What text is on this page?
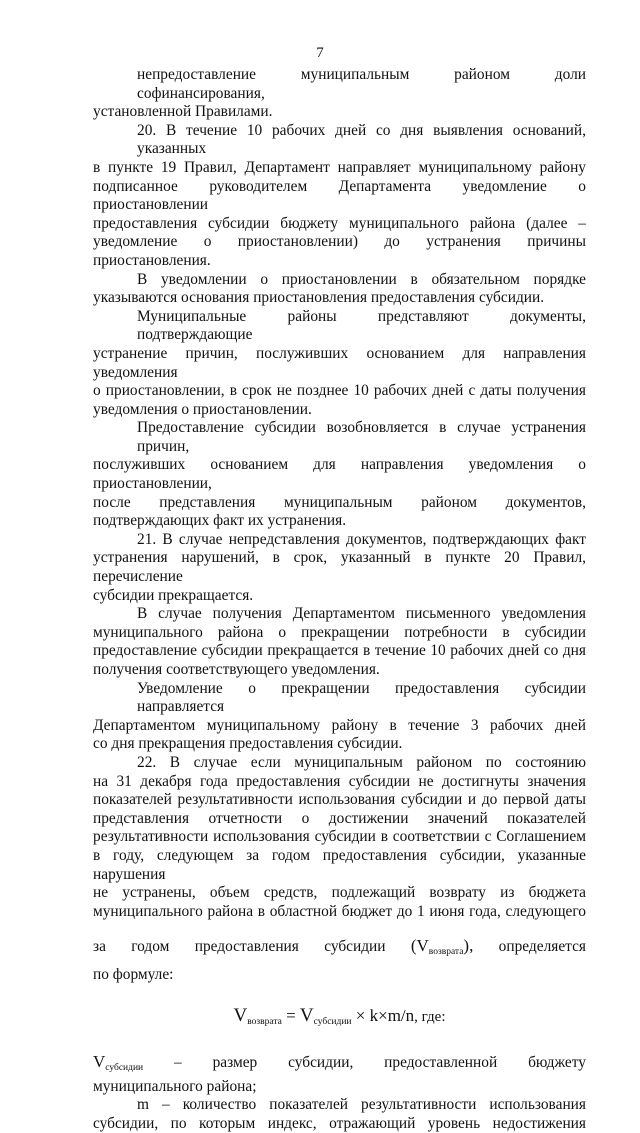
7

непредоставление муниципальным районом доли софинансирования,
установленной Правилами.

20. В течение 10 рабочих дней со дня выявления оснований, указанных
в пункте 19 Правил, Департамент направляет муниципальному району
подписанное руководителем Департамента уведомление о приостановлении
предоставления субсидии бюджету муниципального района (далее –
уведомление о приостановлении) до устранения причины приостановления.

В уведомлении о приостановлении в обязательном порядке
указываются основания приостановления предоставления субсидии.

Муниципальные районы представляют документы, подтверждающие
устранение причин, послуживших основанием для направления уведомления
о приостановлении, в срок не позднее 10 рабочих дней с даты получения
уведомления о приостановлении.

Предоставление субсидии возобновляется в случае устранения причин,
послуживших основанием для направления уведомления о приостановлении,
после представления муниципальным районом документов,
подтверждающих факт их устранения.

21. В случае непредставления документов, подтверждающих факт
устранения нарушений, в срок, указанный в пункте 20 Правил, перечисление
субсидии прекращается.

В случае получения Департаментом письменного уведомления
муниципального района о прекращении потребности в субсидии
предоставление субсидии прекращается в течение 10 рабочих дней со дня
получения соответствующего уведомления.

Уведомление о прекращении предоставления субсидии направляется
Департаментом муниципальному району в течение 3 рабочих дней
со дня прекращения предоставления субсидии.

22. В случае если муниципальным районом по состоянию
на 31 декабря года предоставления субсидии не достигнуты значения
показателей результативности использования субсидии и до первой даты
представления отчетности о достижении значений показателей
результативности использования субсидии в соответствии с Соглашением
в году, следующем за годом предоставления субсидии, указанные нарушения
не устранены, объем средств, подлежащий возврату из бюджета
муниципального района в областной бюджет до 1 июня года, следующего

за годом предоставления субсидии $(V_{возврата})$, определяется

по формуле:

$V_{возврата} = V_{субсидии} \times k\times m/n$, где:
$V_{субсидии}$ – размер субсидии, предоставленной бюджету

муниципального района;

m – количество показателей результативности использования
субсидии, по которым индекс, отражающий уровень недостижения
